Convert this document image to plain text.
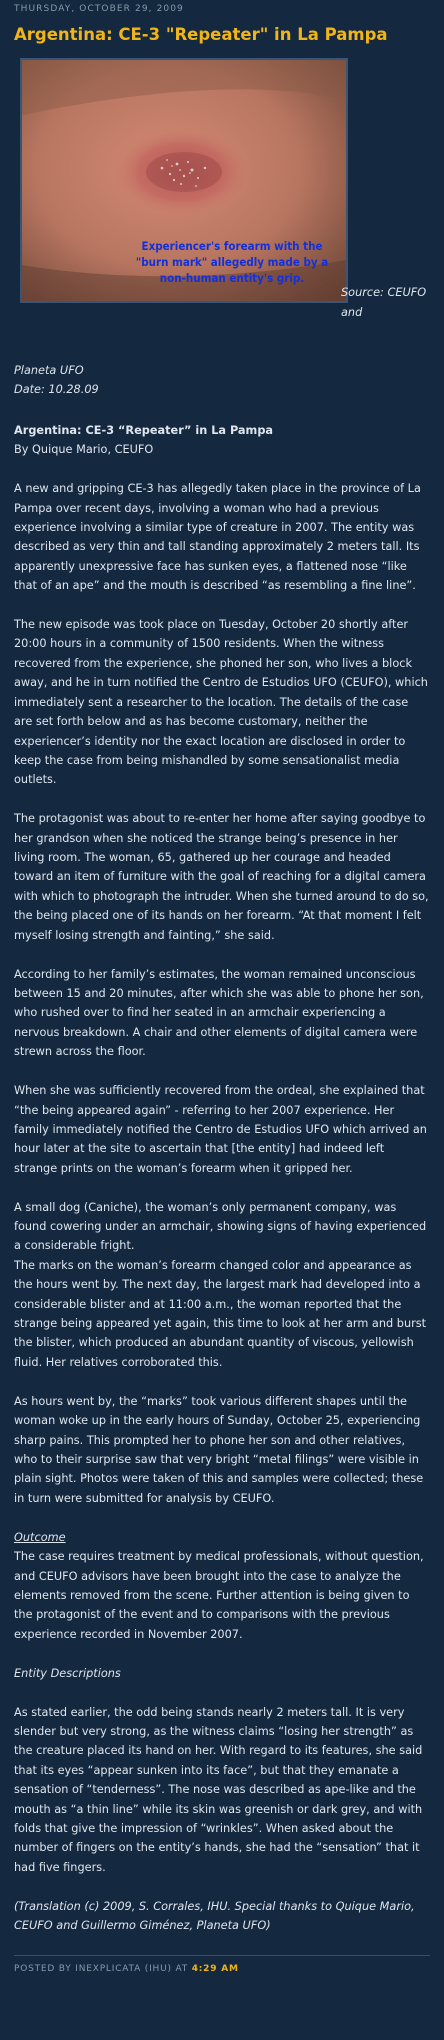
THURSDAY, OCTOBER 29, 2009
Argentina: CE-3 "Repeater" in La Pampa
Experiencer's forearm with the "burn mark" allegedly made by a non-human entity's grip.
Source: CEUFO and
Planeta UFO
Date: 10.28.09
Argentina: CE-3 “Repeater” in La Pampa

By Quique Mario, CEUFO

A new and gripping CE-3 has allegedly taken place in the province of La Pampa over recent days, involving a woman who had a previous experience involving a similar type of creature in 2007. The entity was described as very thin and tall standing approximately 2 meters tall. Its apparently unexpressive face has sunken eyes, a flattened nose “like that of an ape” and the mouth is described “as resembling a fine line”.

The new episode was took place on Tuesday, October 20 shortly after 20:00 hours in a community of 1500 residents. When the witness recovered from the experience, she phoned her son, who lives a block away, and he in turn notified the Centro de Estudios UFO (CEUFO), which immediately sent a researcher to the location. The details of the case are set forth below and as has become customary, neither the experiencer’s identity nor the exact location are disclosed in order to keep the case from being mishandled by some sensationalist media outlets.

The protagonist was about to re-enter her home after saying goodbye to her grandson when she noticed the strange being’s presence in her living room. The woman, 65, gathered up her courage and headed toward an item of furniture with the goal of reaching for a digital camera with which to photograph the intruder. When she turned around to do so, the being placed one of its hands on her forearm. “At that moment I felt myself losing strength and fainting,” she said.

According to her family’s estimates, the woman remained unconscious between 15 and 20 minutes, after which she was able to phone her son, who rushed over to find her seated in an armchair experiencing a nervous breakdown. A chair and other elements of digital camera were strewn across the floor.

When she was sufficiently recovered from the ordeal, she explained that “the being appeared again” - referring to her 2007 experience. Her family immediately notified the Centro de Estudios UFO which arrived an hour later at the site to ascertain that [the entity] had indeed left strange prints on the woman’s forearm when it gripped her.

A small dog (Caniche), the woman’s only permanent company, was found cowering under an armchair, showing signs of having experienced a considerable fright.

The marks on the woman’s forearm changed color and appearance as the hours went by. The next day, the largest mark had developed into a considerable blister and at 11:00 a.m., the woman reported that the strange being appeared yet again, this time to look at her arm and burst the blister, which produced an abundant quantity of viscous, yellowish fluid. Her relatives corroborated this.

As hours went by, the “marks” took various different shapes until the woman woke up in the early hours of Sunday, October 25, experiencing sharp pains. This prompted her to phone her son and other relatives, who to their surprise saw that very bright “metal filings” were visible in plain sight. Photos were taken of this and samples were collected; these in turn were submitted for analysis by CEUFO.

Outcome

The case requires treatment by medical professionals, without question, and CEUFO advisors have been brought into the case to analyze the elements removed from the scene. Further attention is being given to the protagonist of the event and to comparisons with the previous experience recorded in November 2007.

Entity Descriptions

As stated earlier, the odd being stands nearly 2 meters tall. It is very slender but very strong, as the witness claims “losing her strength” as the creature placed its hand on her. With regard to its features, she said that its eyes “appear sunken into its face”, but that they emanate a sensation of “tenderness”. The nose was described as ape-like and the mouth as “a thin line” while its skin was greenish or dark grey, and with folds that give the impression of “wrinkles”. When asked about the number of fingers on the entity’s hands, she had the “sensation” that it had five fingers.

(Translation (c) 2009, S. Corrales, IHU. Special thanks to Quique Mario, CEUFO and Guillermo Giménez, Planeta UFO)

POSTED BY INEXPLICATA (IHU) AT 4:29 AM
